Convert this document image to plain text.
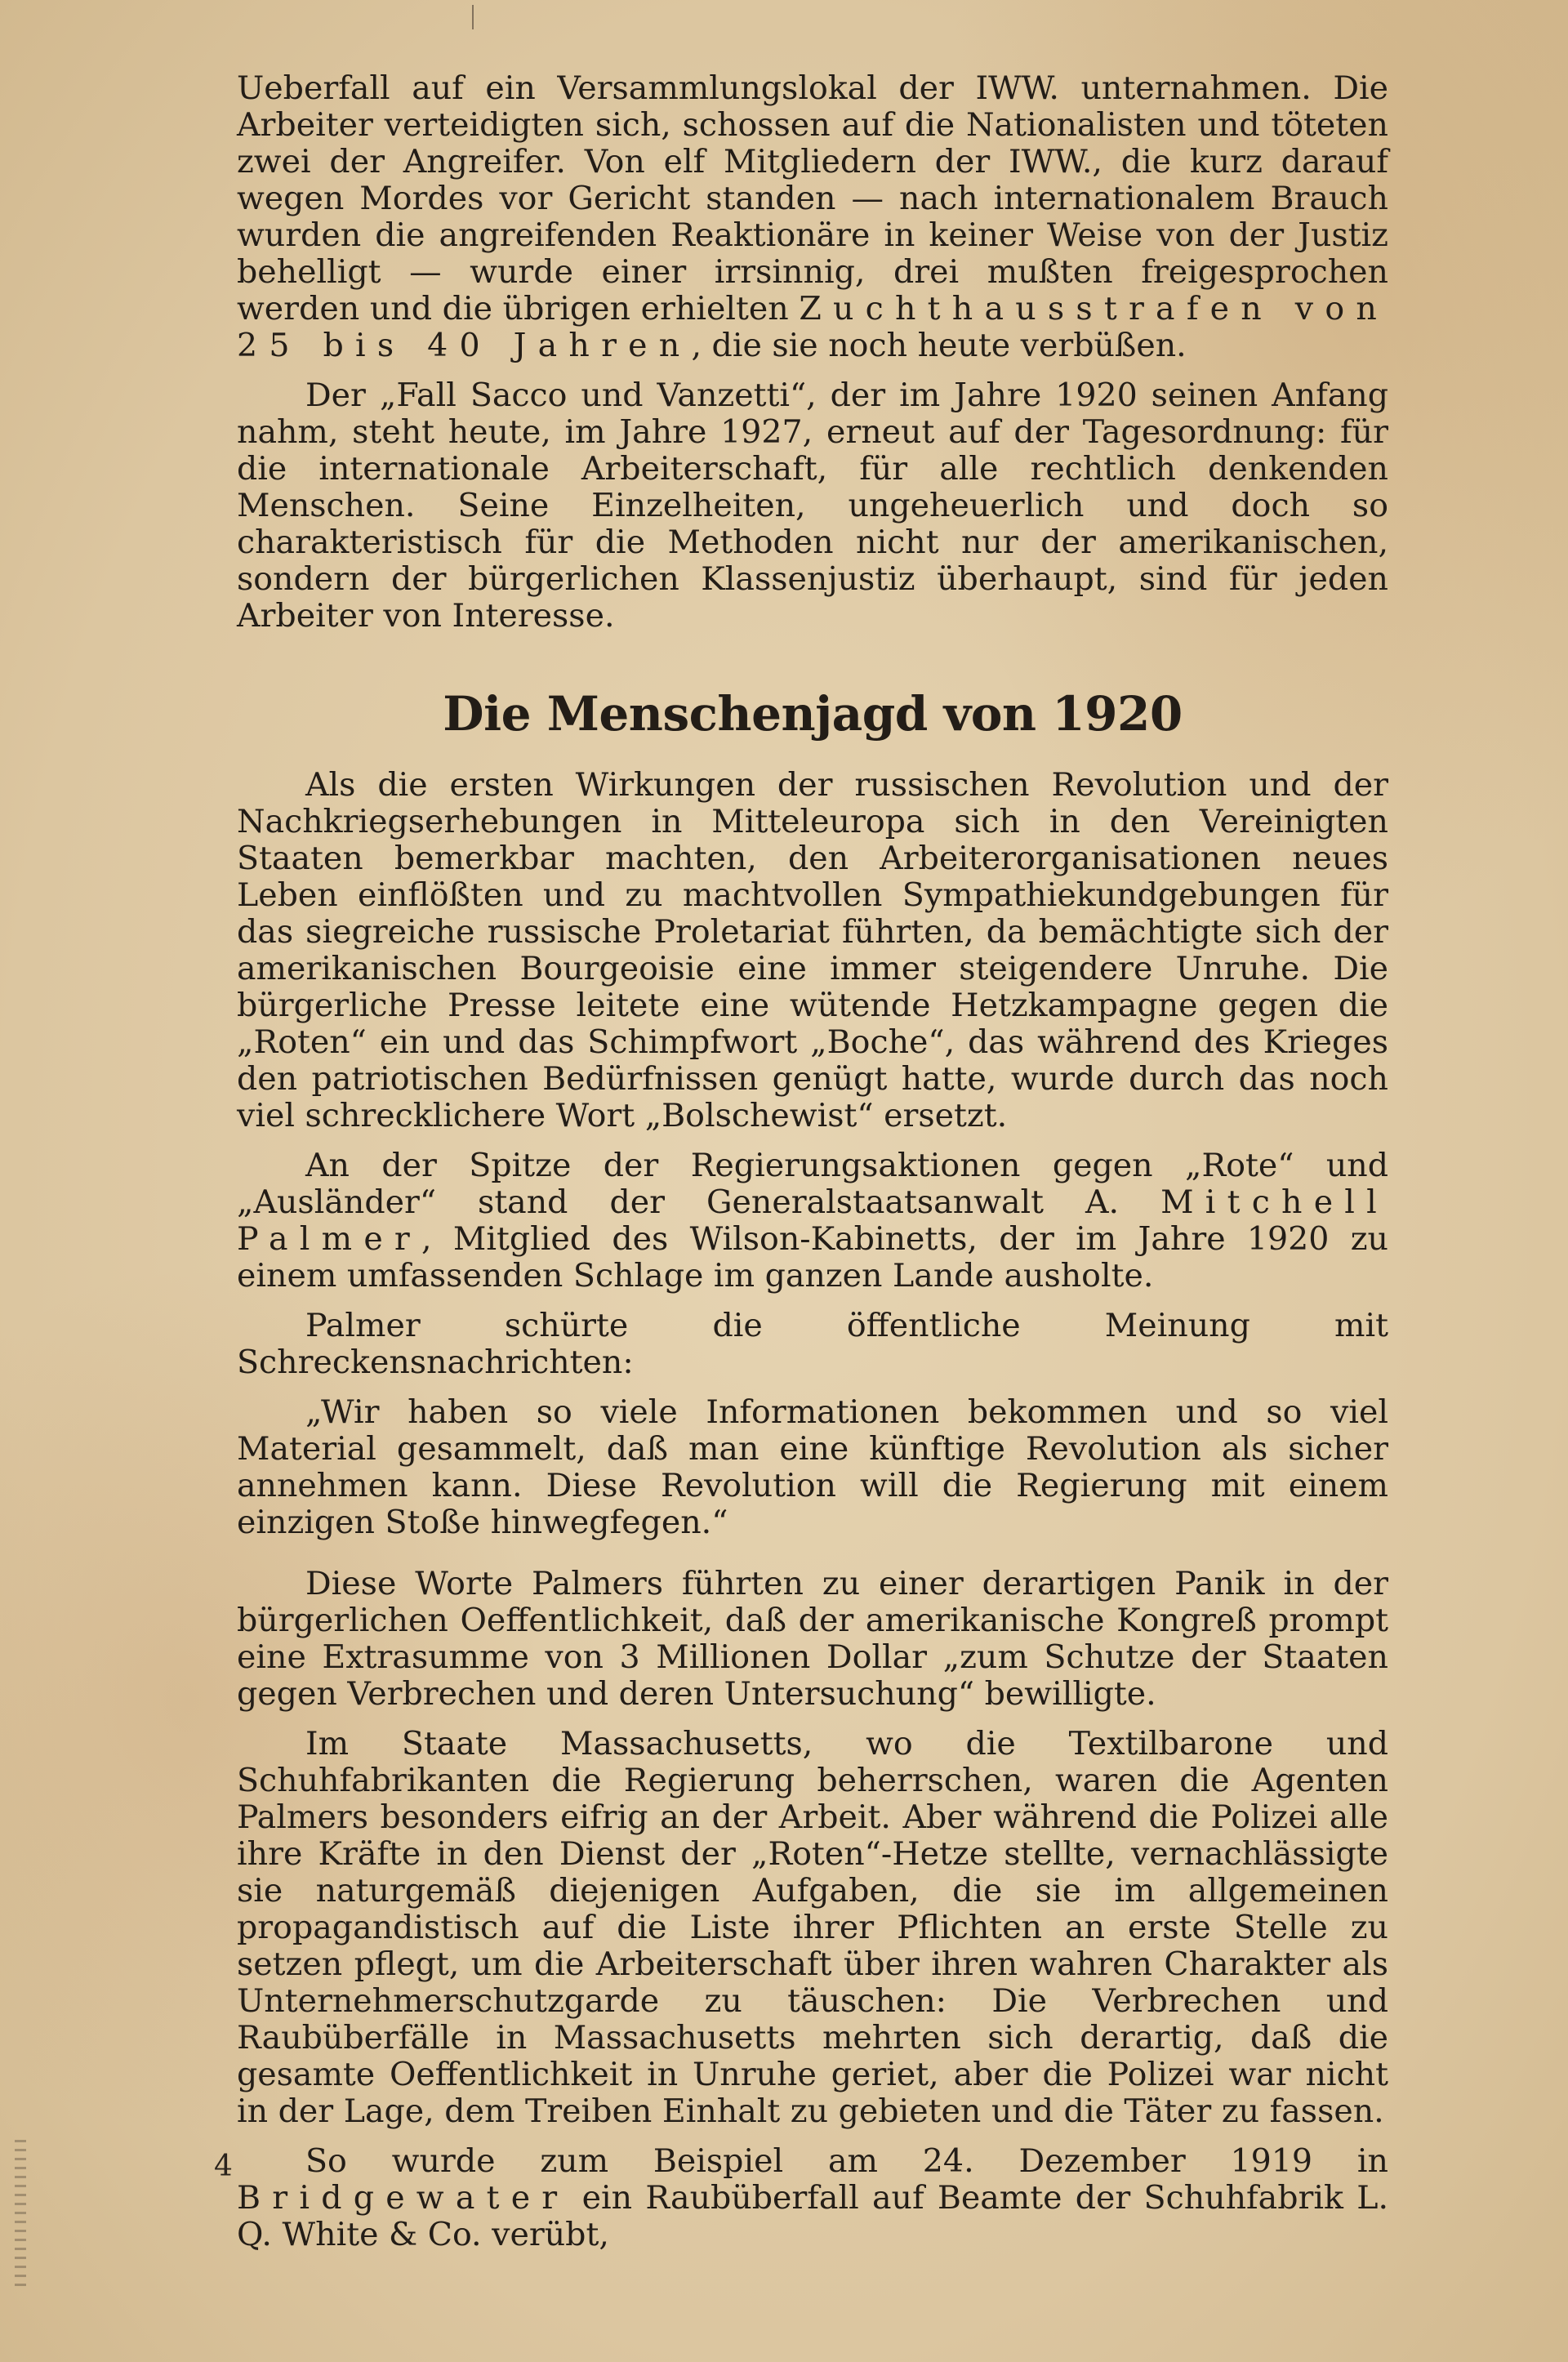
Ueberfall auf ein Versammlungslokal der IWW. unternahmen. Die Arbeiter verteidigten sich, schossen auf die Nationalisten und töteten zwei der Angreifer. Von elf Mitgliedern der IWW., die kurz darauf wegen Mordes vor Gericht standen — nach internationalem Brauch wurden die angreifenden Reaktionäre in keiner Weise von der Justiz behelligt — wurde einer irrsinnig, drei mußten freigesprochen werden und die übrigen erhielten Zuchthausstrafen von 25 bis 40 Jahren, die sie noch heute verbüßen.

Der „Fall Sacco und Vanzetti“, der im Jahre 1920 seinen Anfang nahm, steht heute, im Jahre 1927, erneut auf der Tagesordnung: für die internationale Arbeiterschaft, für alle rechtlich denkenden Menschen. Seine Einzelheiten, ungeheuerlich und doch so charakteristisch für die Methoden nicht nur der amerikanischen, sondern der bürgerlichen Klassenjustiz überhaupt, sind für jeden Arbeiter von Interesse.

Die Menschenjagd von 1920

Als die ersten Wirkungen der russischen Revolution und der Nachkriegserhebungen in Mitteleuropa sich in den Vereinigten Staaten bemerkbar machten, den Arbeiterorganisationen neues Leben einflößten und zu machtvollen Sympathiekundgebungen für das siegreiche russische Proletariat führten, da bemächtigte sich der amerikanischen Bourgeoisie eine immer steigendere Unruhe. Die bürgerliche Presse leitete eine wütende Hetzkampagne gegen die „Roten“ ein und das Schimpfwort „Boche“, das während des Krieges den patriotischen Bedürfnissen genügt hatte, wurde durch das noch viel schrecklichere Wort „Bolschewist“ ersetzt.

An der Spitze der Regierungsaktionen gegen „Rote“ und „Ausländer“ stand der Generalstaatsanwalt A. Mitchell Palmer, Mitglied des Wilson-Kabinetts, der im Jahre 1920 zu einem umfassenden Schlage im ganzen Lande ausholte.

Palmer schürte die öffentliche Meinung mit Schreckensnachrichten:

„Wir haben so viele Informationen bekommen und so viel Material gesammelt, daß man eine künftige Revolution als sicher annehmen kann. Diese Revolution will die Regierung mit einem einzigen Stoße hinwegfegen.“

Diese Worte Palmers führten zu einer derartigen Panik in der bürgerlichen Oeffentlichkeit, daß der amerikanische Kongreß prompt eine Extrasumme von 3 Millionen Dollar „zum Schutze der Staaten gegen Verbrechen und deren Untersuchung“ bewilligte.

Im Staate Massachusetts, wo die Textilbarone und Schuhfabrikanten die Regierung beherrschen, waren die Agenten Palmers besonders eifrig an der Arbeit. Aber während die Polizei alle ihre Kräfte in den Dienst der „Roten“-Hetze stellte, vernachlässigte sie naturgemäß diejenigen Aufgaben, die sie im allgemeinen propagandistisch auf die Liste ihrer Pflichten an erste Stelle zu setzen pflegt, um die Arbeiterschaft über ihren wahren Charakter als Unternehmerschutzgarde zu täuschen: Die Verbrechen und Raubüberfälle in Massachusetts mehrten sich derartig, daß die gesamte Oeffentlichkeit in Unruhe geriet, aber die Polizei war nicht in der Lage, dem Treiben Einhalt zu gebieten und die Täter zu fassen.

So wurde zum Beispiel am 24. Dezember 1919 in Bridgewater ein Raubüberfall auf Beamte der Schuhfabrik L. Q. White & Co. verübt,

4
